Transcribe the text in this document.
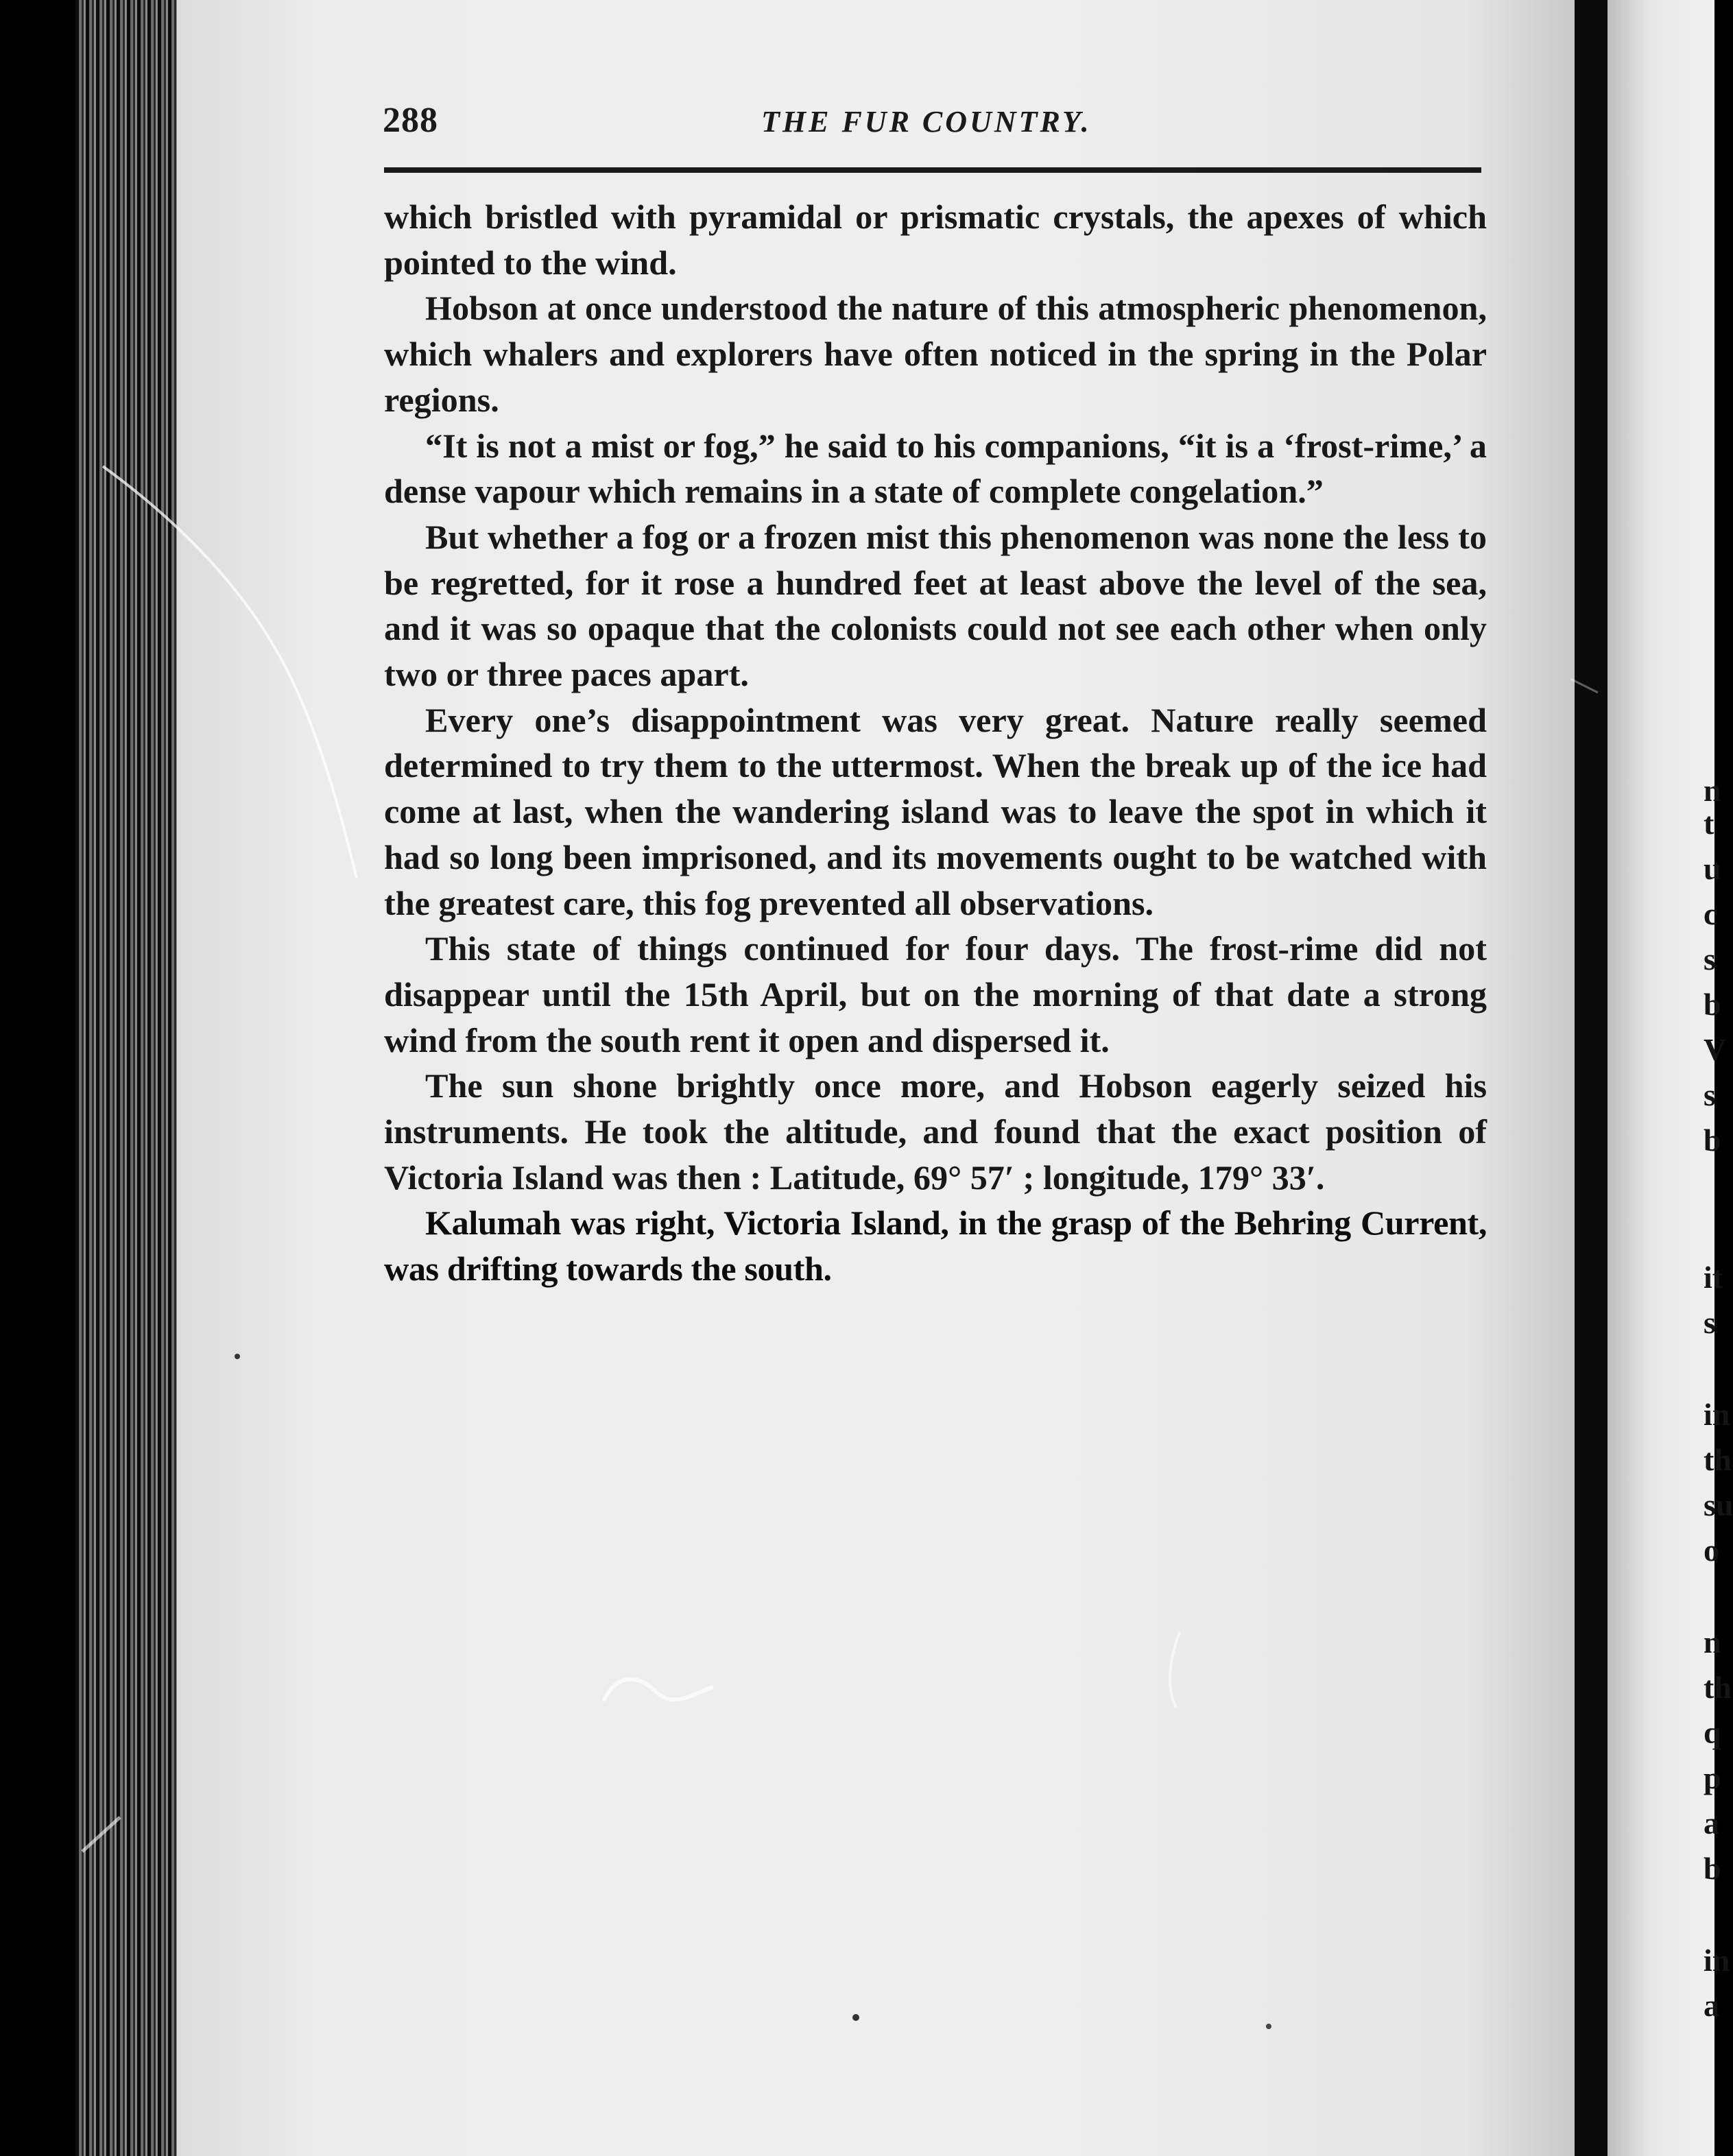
n
t
u
c
s
b
V
s
b
it
s
in
th
su
o
n
th
q
p
a
b
in
a
288	THE FUR COUNTRY.

which bristled with pyramidal or prismatic crystals, the apexes of which pointed to the wind.

Hobson at once understood the nature of this atmospheric phenomenon, which whalers and explorers have often noticed in the spring in the Polar regions.

“It is not a mist or fog,” he said to his companions, “it is a ‘frost-rime,’ a dense vapour which remains in a state of complete congelation.”

But whether a fog or a frozen mist this phenomenon was none the less to be regretted, for it rose a hundred feet at least above the level of the sea, and it was so opaque that the colonists could not see each other when only two or three paces apart.

Every one’s disappointment was very great. Nature really seemed determined to try them to the uttermost. When the break up of the ice had come at last, when the wandering island was to leave the spot in which it had so long been imprisoned, and its movements ought to be watched with the greatest care, this fog prevented all observations.

This state of things continued for four days. The frost-rime did not disappear until the 15th April, but on the morning of that date a strong wind from the south rent it open and dispersed it.

The sun shone brightly once more, and Hobson eagerly seized his instruments. He took the altitude, and found that the exact position of Victoria Island was then : Latitude, 69° 57′ ; longitude, 179° 33′.

Kalumah was right, Victoria Island, in the grasp of the Behring Current, was drifting towards the south.
